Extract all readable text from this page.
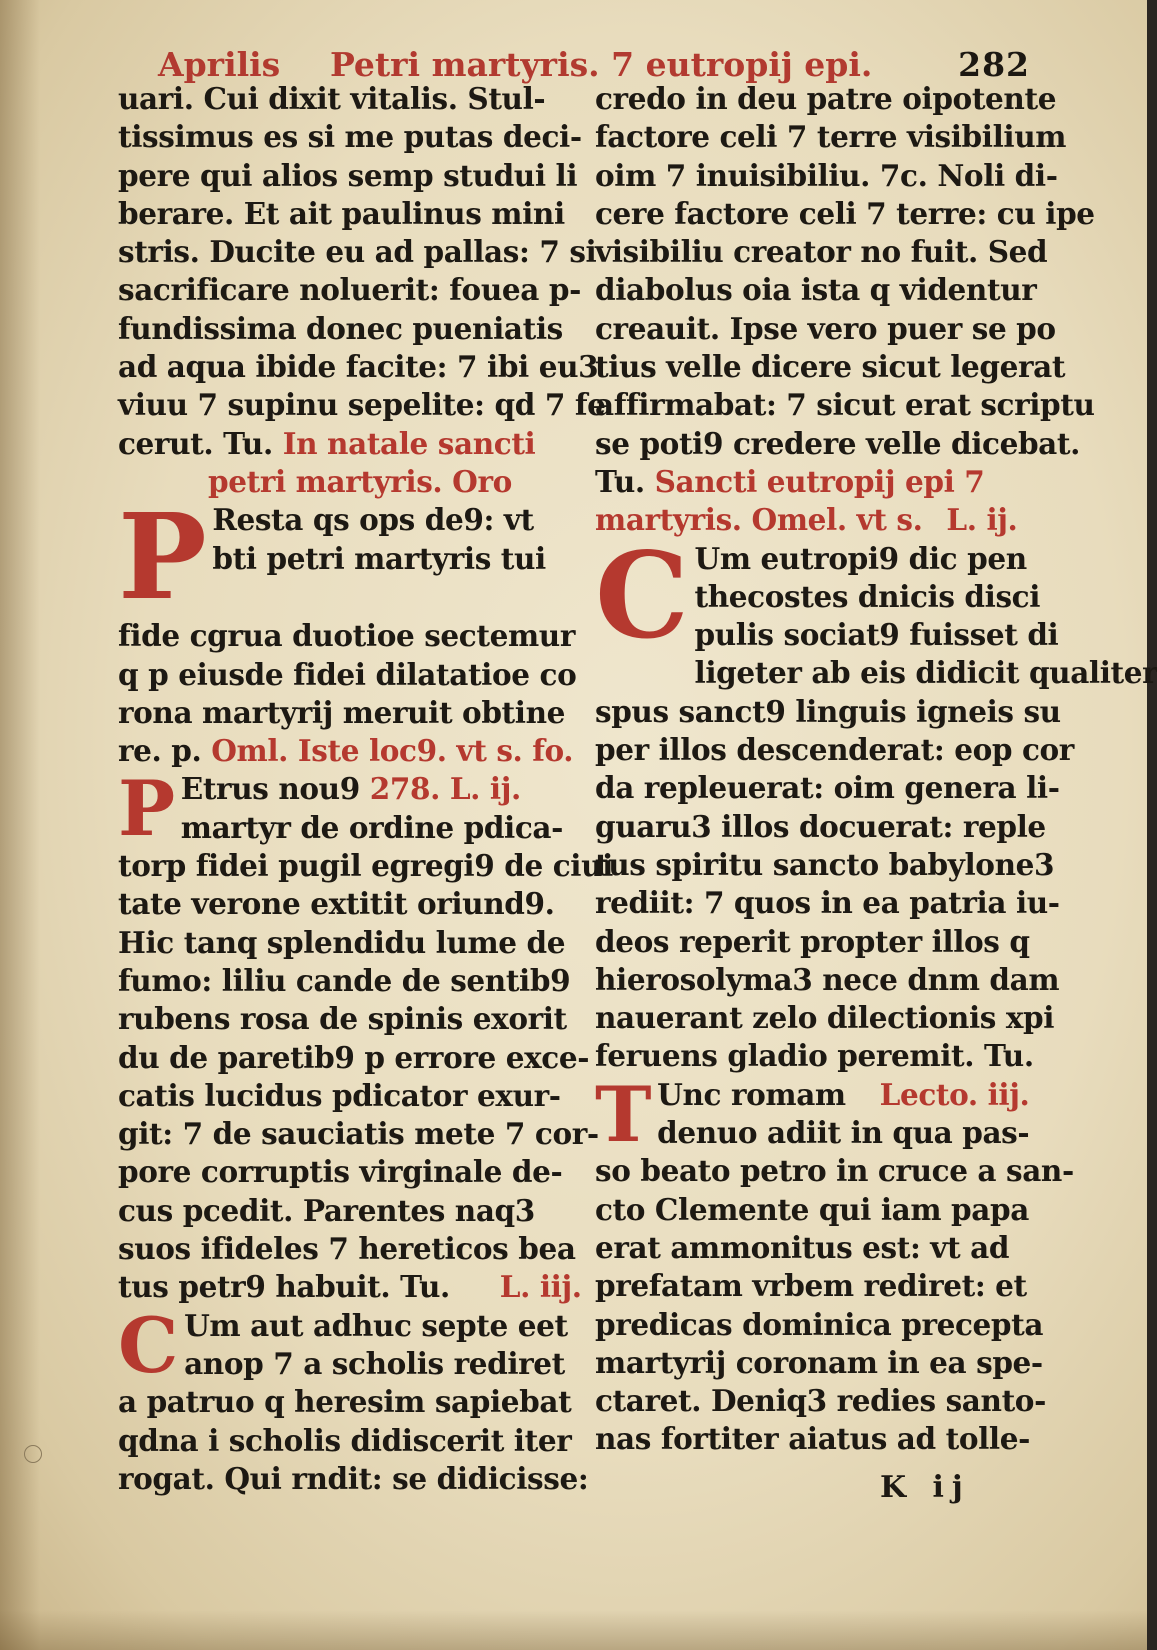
Aprilis Petri martyris. 7 eutropij epi.	282
uari. Cui dixit vitalis. Stul-
tissimus es si me putas deci-
pere qui alios semp studui li
berare. Et ait paulinus mini
stris. Ducite eu ad pallas: 7 si
sacrificare noluerit: fouea p-
fundissima donec pueniatis
ad aqua ibide facite: 7 ibi eu3
viuu 7 supinu sepelite: qd 7 fe
cerut. Tu. In natale sancti
petri martyris. Oro
P Resta qs ops de9: vt
bti petri martyris tui
fide cgrua duotioe sectemur
q p eiusde fidei dilatatioe co
rona martyrij meruit obtine
re. p. Oml. Iste loc9. vt s. fo.
P Etrus nou9 278. L. ij.
martyr de ordine pdica-
torp fidei pugil egregi9 de ciui
tate verone extitit oriund9.
Hic tanq splendidu lume de
fumo: liliu cande de sentib9
rubens rosa de spinis exorit
du de paretib9 p errore exce-
catis lucidus pdicator exur-
git: 7 de sauciatis mete 7 cor-
pore corruptis virginale de-
cus pcedit. Parentes naq3
suos ifideles 7 hereticos bea
tus petr9 habuit. Tu. L. iij.
C Um aut adhuc septe eet
anop 7 a scholis rediret
a patruo q heresim sapiebat
qdna i scholis didiscerit iter
rogat. Qui rndit: se didicisse:
credo in deu patre oipotente
factore celi 7 terre visibilium
oim 7 inuisibiliu. 7c. Noli di-
cere factore celi 7 terre: cu ipe
visibiliu creator no fuit. Sed
diabolus oia ista q videntur
creauit. Ipse vero puer se po
tius velle dicere sicut legerat
affirmabat: 7 sicut erat scriptu
se poti9 credere velle dicebat.
Tu. Sancti eutropij epi 7
martyris. Omel. vt s. L. ij.
C Um eutropi9 dic pen
thecostes dnicis disci
pulis sociat9 fuisset di
ligeter ab eis didicit qualiter
spus sanct9 linguis igneis su
per illos descenderat: eop cor
da repleuerat: oim genera li-
guaru3 illos docuerat: reple
tus spiritu sancto babylone3
rediit: 7 quos in ea patria iu-
deos reperit propter illos q
hierosolyma3 nece dnm dam
nauerant zelo dilectionis xpi
feruens gladio peremit. Tu.
T Unc romam Lecto. iij.
denuo adiit in qua pas-
so beato petro in cruce a san-
cto Clemente qui iam papa
erat ammonitus est: vt ad
prefatam vrbem rediret: et
predicas dominica precepta
martyrij coronam in ea spe-
ctaret. Deniq3 redies santo-
nas fortiter aiatus ad tolle-
K ij
